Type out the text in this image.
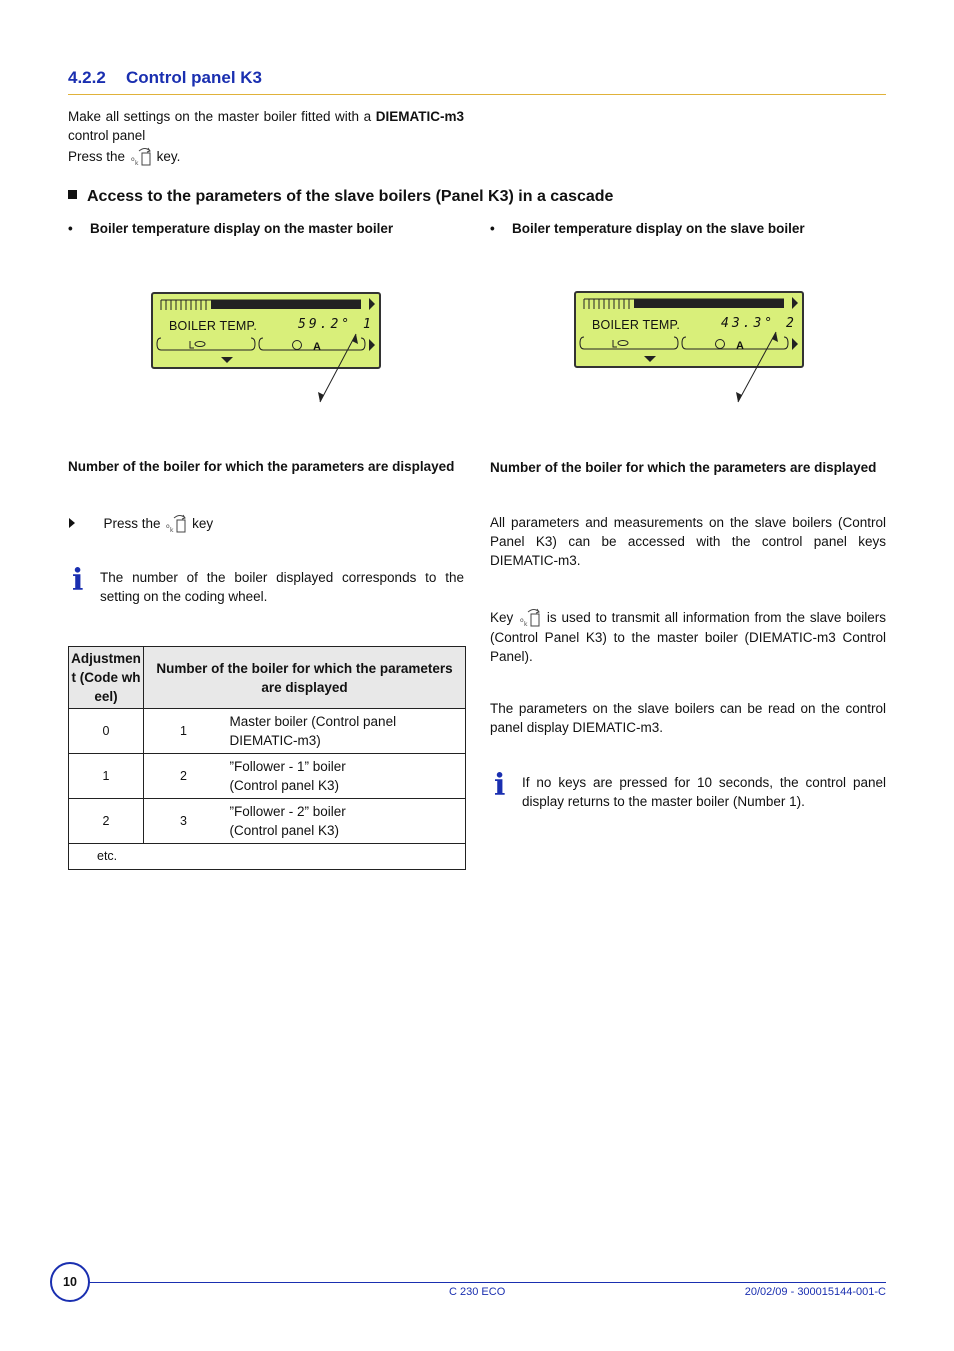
4.2.2 Control panel K3
Make all settings on the master boiler fitted with a DIEMATIC-m3
control panel
Press the o
k key.
Access to the parameters of the slave boilers (Panel K3) in a cascade
• Boiler temperature display on the master boiler	• Boiler temperature display on the slave boiler
BOILER TEMP.	59.2° 1
A
BOILER TEMP.	43.3° 2
A
Number of the boiler for which the parameters are displayed	Number of the boiler for which the parameters are displayed
Press the o
k key
i The number of the boiler displayed corresponds to the setting on the coding wheel.
Adjustment (Code wheel)	Number of the boiler for which the parameters are displayed	
0	1	Master boiler (Control panel
DIEMATIC-m3)

1	2	”Follower - 1” boiler
(Control panel K3)

2	3	”Follower - 2” boiler
(Control panel K3)

etc.		
All parameters and measurements on the slave boilers (Control Panel K3) can be accessed with the control panel keys DIEMATIC-m3.
Key o
k is used to transmit all information from the slave boilers (Control Panel K3) to the master boiler (DIEMATIC-m3 Control Panel).
The parameters on the slave boilers can be read on the control panel display DIEMATIC-m3.
i If no keys are pressed for 10 seconds, the control panel display returns to the master boiler (Number 1).
10
C 230 ECO	20/02/09 - 300015144-001-C
